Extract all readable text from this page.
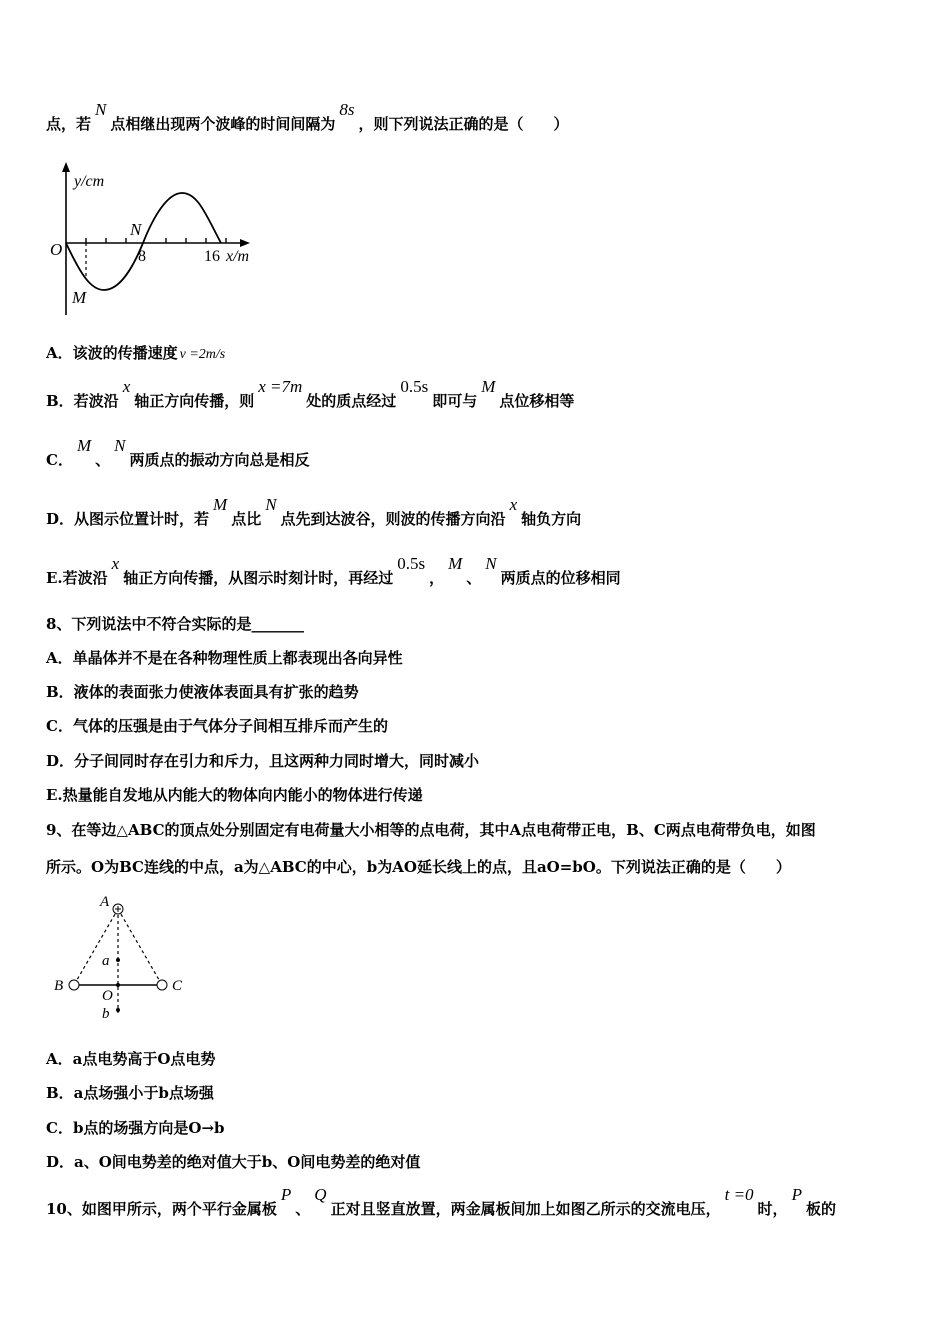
点，若N点相继出现两个波峰的时间间隔为8s，则下列说法正确的是（　　）
y/cm
O
N
8	16 x/m
M
A．该波的传播速度 v =2m/s
B．若波沿x轴正方向传播，则x =7m处的质点经过0.5s即可与M点位移相等
C．M、N两质点的振动方向总是相反
D．从图示位置计时，若M点比N点先到达波谷，则波的传播方向沿x轴负方向
E.若波沿x轴正方向传播，从图示时刻计时，再经过0.5s，M、N两质点的位移相同
8、下列说法中不符合实际的是_______
A．单晶体并不是在各种物理性质上都表现出各向异性
B．液体的表面张力使液体表面具有扩张的趋势
C．气体的压强是由于气体分子间相互排斥而产生的
D．分子间同时存在引力和斥力，且这两种力同时增大，同时减小
E.热量能自发地从内能大的物体向内能小的物体进行传递
9、在等边△ABC的顶点处分别固定有电荷量大小相等的点电荷，其中A点电荷带正电，B、C两点电荷带负电，如图
所示。O为BC连线的中点，a为△ABC的中心，b为AO延长线上的点，且aO=bO。下列说法正确的是（　　）
A
B	C
a
O
b
A．a点电势高于O点电势
B．a点场强小于b点场强
C．b点的场强方向是O→b
D．a、O间电势差的绝对值大于b、O间电势差的绝对值
10、如图甲所示，两个平行金属板P、Q正对且竖直放置，两金属板间加上如图乙所示的交流电压，t =0时，P板的
